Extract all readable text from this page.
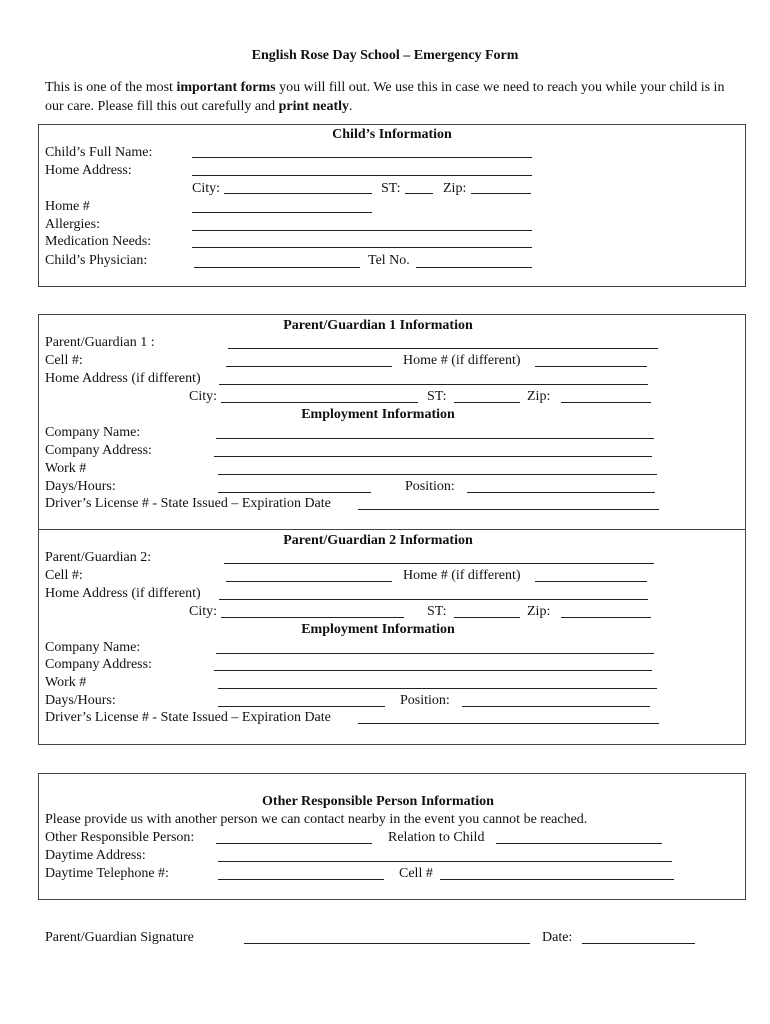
English Rose Day School – Emergency Form
This is one of the most important forms you will fill out. We use this in case we need to reach you while your child is in our care. Please fill this out carefully and print neatly.
Child’s Information
Child’s Full Name:
Home Address:
City:	ST:	Zip:
Home #
Allergies:
Medication Needs:
Child’s Physician:	Tel No.
Parent/Guardian 1 Information
Parent/Guardian 1 :
Cell #:	Home # (if different)
Home Address (if different)
City:	ST:	Zip:
Employment Information
Company Name:
Company Address:
Work #
Days/Hours:	Position:
Driver’s License # - State Issued – Expiration Date
Parent/Guardian 2 Information
Parent/Guardian 2:
Cell #:	Home # (if different)
Home Address (if different)
City:	ST:	Zip:
Employment Information
Company Name:
Company Address:
Work #
Days/Hours:	Position:
Driver’s License # - State Issued – Expiration Date
Other Responsible Person Information
Please provide us with another person we can contact nearby in the event you cannot be reached.
Other Responsible Person:	Relation to Child
Daytime Address:
Daytime Telephone #:	Cell #
Parent/Guardian Signature	Date:
